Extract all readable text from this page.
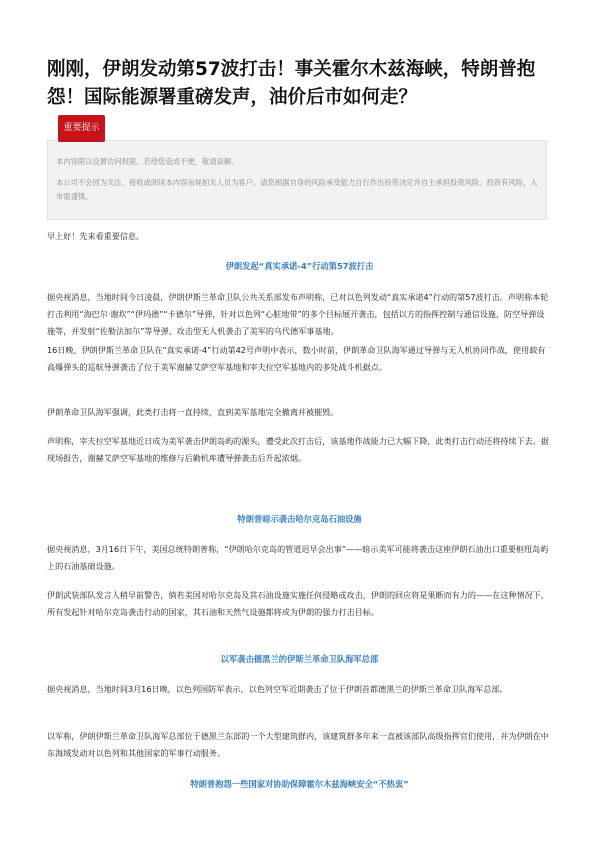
刚刚，伊朗发动第57波打击！事关霍尔木兹海峡，特朗普抱怨！国际能源署重磅发声，油价后市如何走？

本内容限以设置访问权限，若给您造成不便，敬请谅解。

本公司不会因为关注、接收或阅读本内容而视相关人员为客户。请您根据自身的风险承受能力自行作出投资决定并自主承担投资风险。投资有风险，入市需谨慎。

重要提示

早上好！先来看重要信息。

伊朗发起“真实承诺-4”行动第57波打击

据央视消息，当地时间今日凌晨，伊朗伊斯兰革命卫队公共关系部发布声明称，已对以色列发动“真实承诺4”行动的第57波打击。声明称本轮打击利用“海巴尔·谢坎”“伊玛德”“卡德尔”导弹，针对以色列“心脏地带”的多个目标展开袭击，包括以方的指挥控制与通信设施、防空导弹设施等，并发射“佐勒法加尔”等导弹、攻击型无人机袭击了美军的乌代德军事基地。

16日晚，伊朗伊斯兰革命卫队在“真实承诺-4”行动第42号声明中表示，数小时前，伊朗革命卫队海军通过导弹与无人机协同作战，使用载有高爆弹头的巡航导弹袭击了位于美军谢赫艾萨空军基地和宰夫拉空军基地内的多处战斗机据点。

伊朗革命卫队海军强调，此类打击将一直持续，直到美军基地完全撤离并被摧毁。

声明称，宰夫拉空军基地近日成为美军袭击伊朗岛屿的源头，遭受此次打击后，该基地作战能力已大幅下降，此类打击行动还将持续下去。据现场报告，谢赫艾萨空军基地的维修与后勤机库遭导弹袭击后升起浓烟。

特朗普暗示袭击哈尔克岛石油设施

据央视消息，3月16日下午，美国总统特朗普称，“伊朗哈尔克岛的管道迟早会出事”——暗示美军可能将袭击这座伊朗石油出口重要枢纽岛屿上的石油基础设施。

伊朗武装部队发言人稍早前警告，倘若美国对哈尔克岛及其石油设施实施任何侵略或攻击，伊朗的回应将是果断而有力的——在这种情况下，所有发起针对哈尔克岛袭击行动的国家，其石油和天然气设施都将成为伊朗的强力打击目标。

以军袭击德黑兰的伊斯兰革命卫队海军总部

据央视消息，当地时间3月16日晚，以色列国防军表示，以色列空军近期袭击了位于伊朗首都德黑兰的伊斯兰革命卫队海军总部。

以军称，伊朗伊斯兰革命卫队海军总部位于德黑兰东部的一个大型建筑群内，该建筑群多年来一直被该部队高级指挥官们使用，并为伊朗在中东海域发动对以色列和其他国家的军事行动服务。

特朗普抱怨一些国家对协助保障霍尔木兹海峡安全“不热衷”
